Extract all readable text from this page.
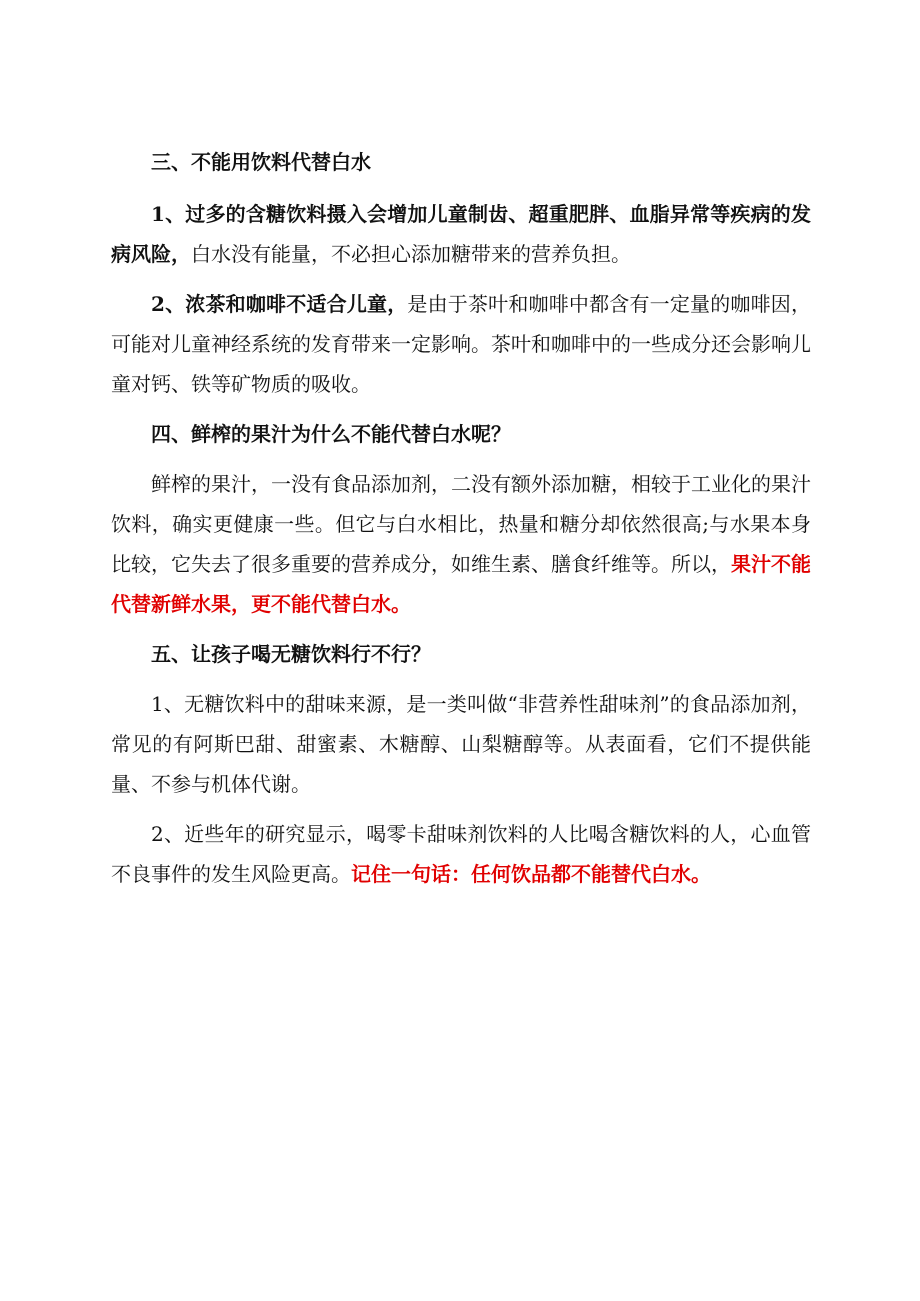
三、不能用饮料代替白水

1、过多的含糖饮料摄入会增加儿童制齿、超重肥胖、血脂异常等疾病的发病风险，白水没有能量，不必担心添加糖带来的营养负担。

2、浓茶和咖啡不适合儿童，是由于茶叶和咖啡中都含有一定量的咖啡因，可能对儿童神经系统的发育带来一定影响。茶叶和咖啡中的一些成分还会影响儿童对钙、铁等矿物质的吸收。

四、鲜榨的果汁为什么不能代替白水呢？

鲜榨的果汁，一没有食品添加剂，二没有额外添加糖，相较于工业化的果汁饮料，确实更健康一些。但它与白水相比，热量和糖分却依然很高;与水果本身比较，它失去了很多重要的营养成分，如维生素、膳食纤维等。所以，果汁不能代替新鲜水果，更不能代替白水。

五、让孩子喝无糖饮料行不行？

1、无糖饮料中的甜味来源，是一类叫做“非营养性甜味剂”的食品添加剂，常见的有阿斯巴甜、甜蜜素、木糖醇、山梨糖醇等。从表面看，它们不提供能量、不参与机体代谢。

2、近些年的研究显示，喝零卡甜味剂饮料的人比喝含糖饮料的人，心血管不良事件的发生风险更高。记住一句话：任何饮品都不能替代白水。
